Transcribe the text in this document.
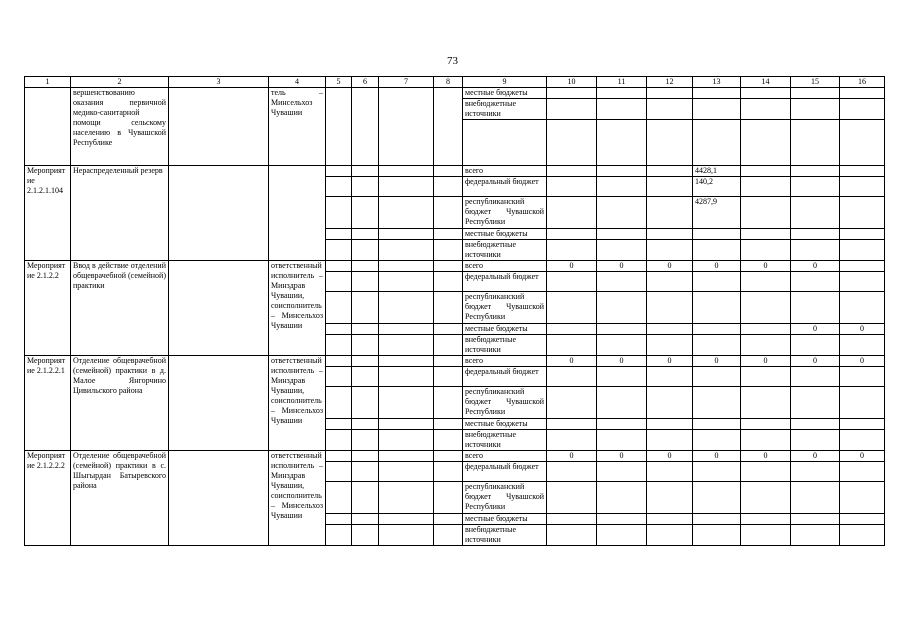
73
1	2	3	4	5	6	7	8	9	10	11	12	13	14	15	16
	вершенствованию оказания первичной медико-санитарной помощи сельскому населению в Чувашской Республике		тель – Минсельхоз Чувашии					местные бюджеты							
								внебюджетные источники							

Мероприятие 2.1.2.1.104	Нераспределенный резерв							всего				4428,1			
								федеральный бюджет				140,2			
								республиканский бюджет Чувашской Республики				4287,9			
								местные бюджеты							
								внебюджетные источники							
Мероприятие 2.1.2.2	Ввод в действие отделений общеврачебной (семейной) практики		ответственный исполнитель – Минздрав Чувашии, соисполнитель – Минсельхоз Чувашии					всего	0	0	0	0	0	0	
								федеральный бюджет							
								республиканский бюджет Чувашской Республики							
								местные бюджеты						0	0
								внебюджетные источники							
Мероприятие 2.1.2.2.1	Отделение общеврачебной (семейной) практики в д. Малое Янгорчино Цивильского района		ответственный исполнитель – Минздрав Чувашии, соисполнитель – Минсельхоз Чувашии					всего	0	0	0	0	0	0	0
								федеральный бюджет							
								республиканский бюджет Чувашской Республики							
								местные бюджеты							
								внебюджетные источники							
Мероприятие 2.1.2.2.2	Отделение общеврачебной (семейной) практики в с. Шыгырдан Батыревского района		ответственный исполнитель – Минздрав Чувашии, соисполнитель – Минсельхоз Чувашии					всего	0	0	0	0	0	0	0
								федеральный бюджет							
								республиканский бюджет Чувашской Республики							
								местные бюджеты							
								внебюджетные источники							
